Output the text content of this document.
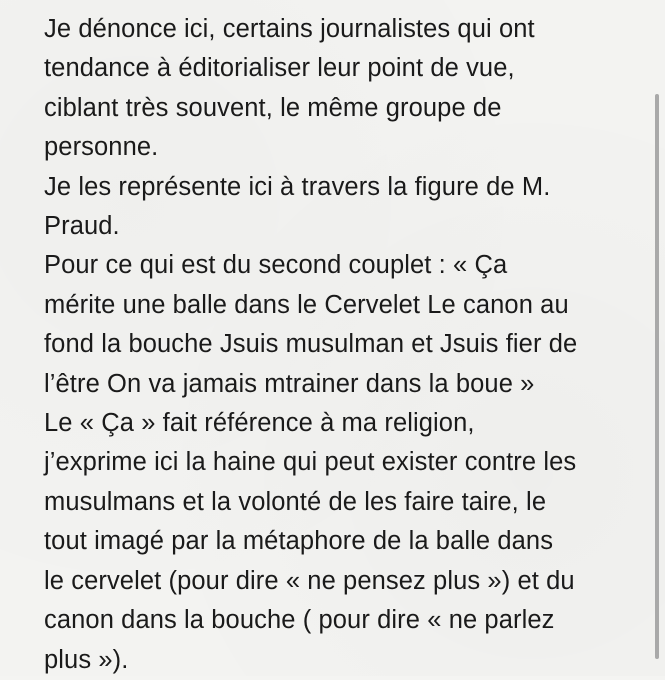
Je dénonce ici, certains journalistes qui ont
tendance à éditorialiser leur point de vue,
ciblant très souvent, le même groupe de
personne.
Je les représente ici à travers la figure de M.
Praud.
Pour ce qui est du second couplet : « Ça
mérite une balle dans le Cervelet Le canon au
fond la bouche Jsuis musulman et Jsuis fier de
l’être On va jamais mtrainer dans la boue »
Le « Ça » fait référence à ma religion,
j’exprime ici la haine qui peut exister contre les
musulmans et la volonté de les faire taire, le
tout imagé par la métaphore de la balle dans
le cervelet (pour dire « ne pensez plus ») et du
canon dans la bouche ( pour dire « ne parlez
plus »).
